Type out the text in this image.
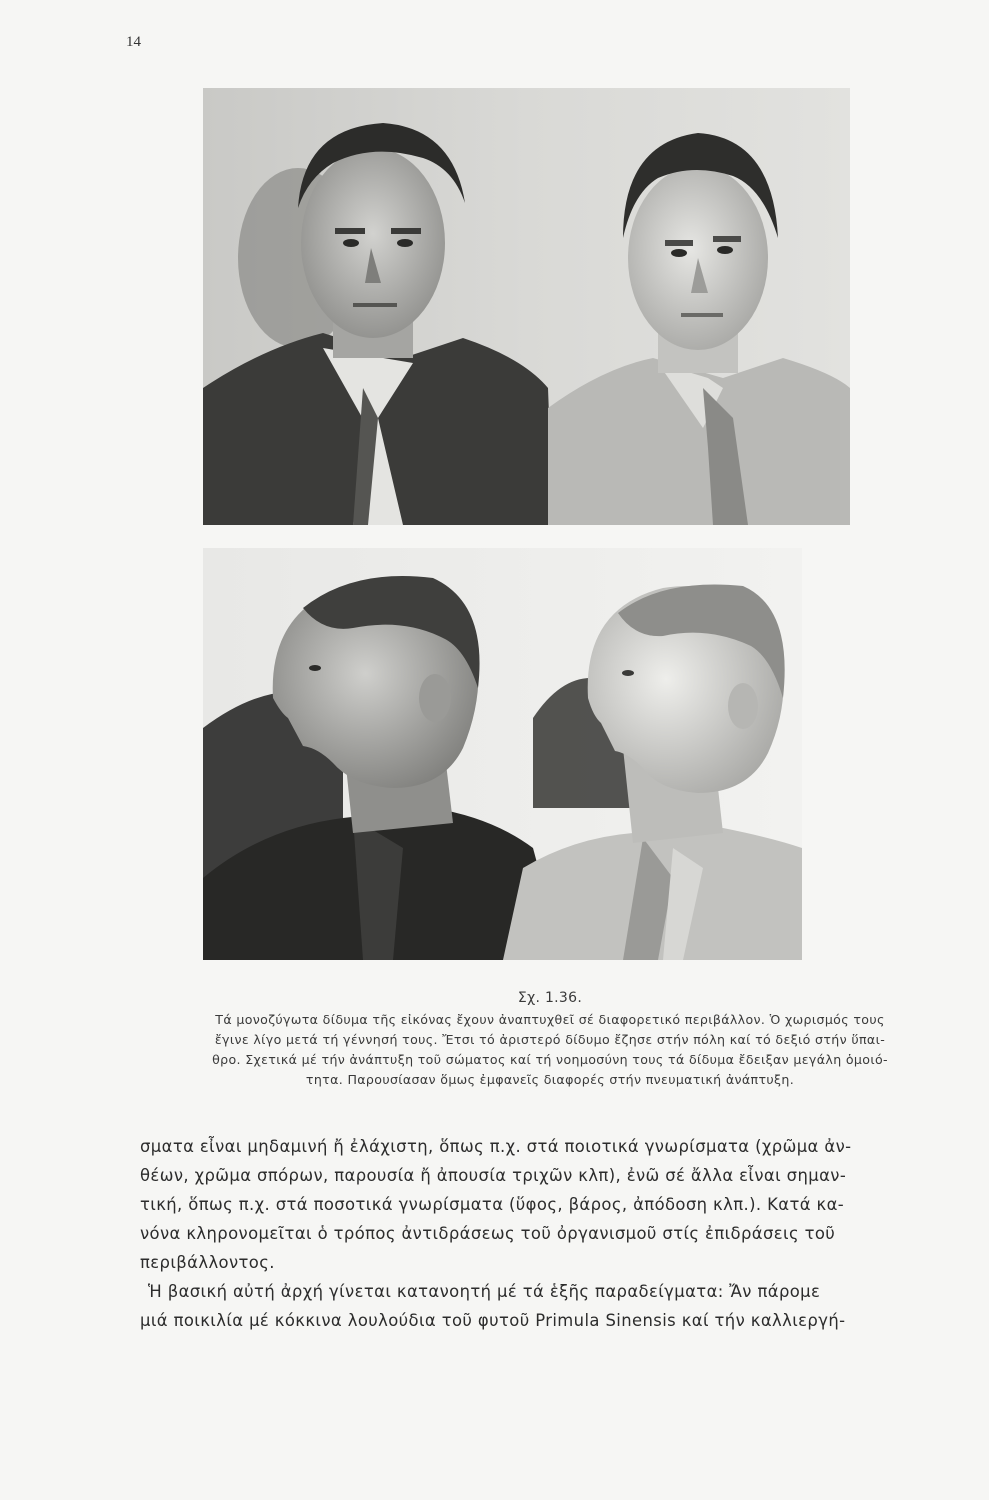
14
Σχ. 1.36.
Τά μονοζύγωτα δίδυμα τῆς εἰκόνας ἔχουν ἀναπτυχθεῖ σέ διαφορετικό περιβάλλον. Ὁ χωρισμός τους
ἔγινε λίγο μετά τή γέννησή τους. Ἔτσι τό ἀριστερό δίδυμο ἔζησε στήν πόλη καί τό δεξιό στήν ὕπαι-
θρο. Σχετικά μέ τήν ἀνάπτυξη τοῦ σώματος καί τή νοημοσύνη τους τά δίδυμα ἔδειξαν μεγάλη ὁμοιό-
τητα. Παρουσίασαν ὅμως ἐμφανεῖς διαφορές στήν πνευματική ἀνάπτυξη.
σματα εἶναι μηδαμινή ἤ ἐλάχιστη, ὅπως π.χ. στά ποιοτικά γνωρίσματα (χρῶμα ἀν-
θέων, χρῶμα σπόρων, παρουσία ἤ ἀπουσία τριχῶν κλπ), ἐνῶ σέ ἄλλα εἶναι σημαν-
τική, ὅπως π.χ. στά ποσοτικά γνωρίσματα (ὕφος, βάρος, ἀπόδοση κλπ.). Κατά κα-
νόνα κληρονομεῖται ὁ τρόπος ἀντιδράσεως τοῦ ὀργανισμοῦ στίς ἐπιδράσεις τοῦ
περιβάλλοντος.
Ἡ βασική αὐτή ἀρχή γίνεται κατανοητή μέ τά ἑξῆς παραδείγματα: Ἄν πάρομε
μιά ποικιλία μέ κόκκινα λουλούδια τοῦ φυτοῦ Primula Sinensis καί τήν καλλιεργή-
